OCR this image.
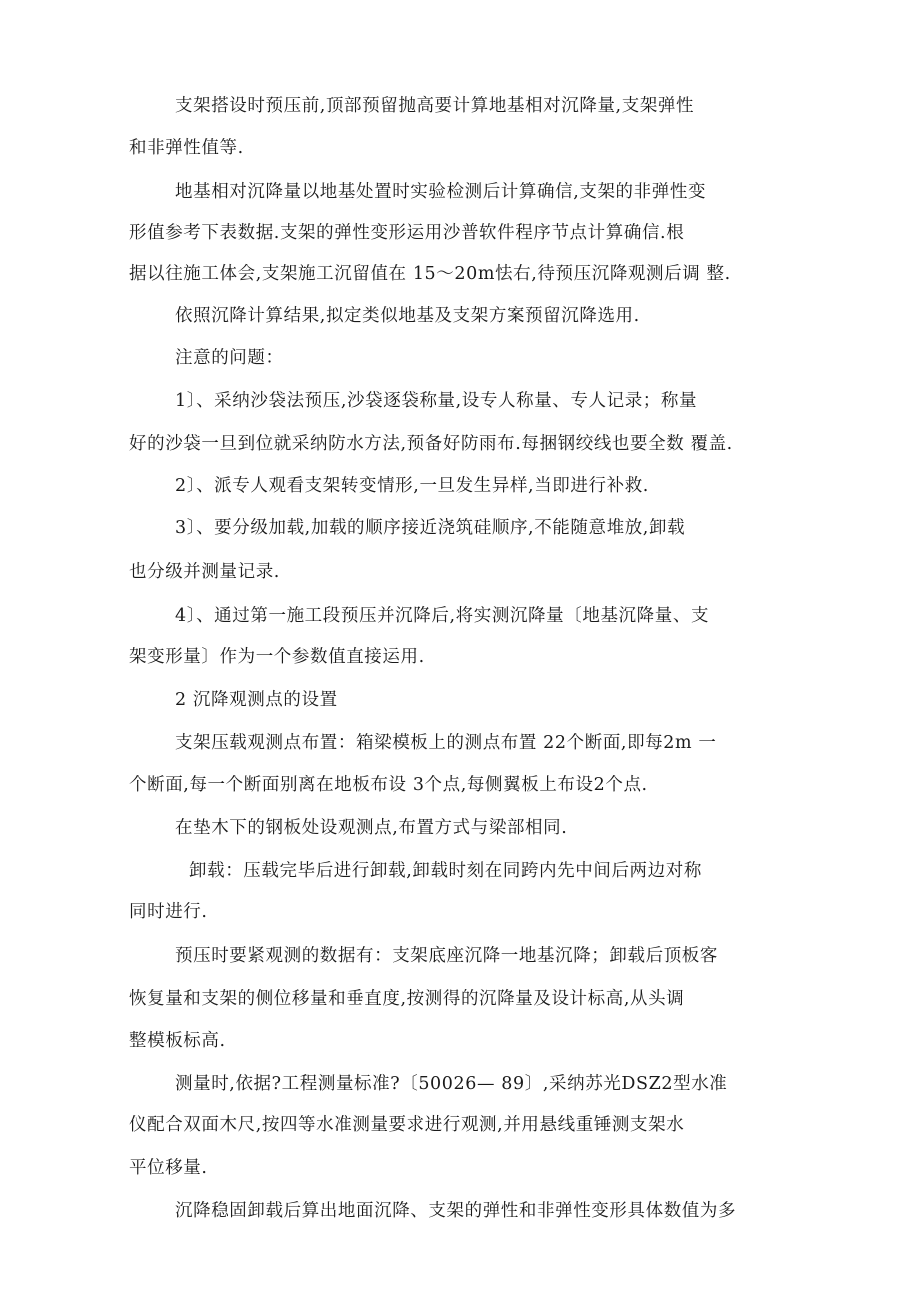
支架搭设时预压前,顶部预留抛高要计算地基相对沉降量,支架弹性
和非弹性值等.
地基相对沉降量以地基处置时实验检测后计算确信,支架的非弹性变
形值参考下表数据.支架的弹性变形运用沙普软件程序节点计算确信.根
据以往施工体会,支架施工沉留值在 15～20m怯右,待预压沉降观测后调 整.
依照沉降计算结果,拟定类似地基及支架方案预留沉降选用.
注意的问题：
1〕、采纳沙袋法预压,沙袋逐袋称量,设专人称量、专人记录；称量
好的沙袋一旦到位就采纳防水方法,预备好防雨布.每捆钢绞线也要全数 覆盖.
2〕、派专人观看支架转变情形,一旦发生异样,当即进行补救.
3〕、要分级加载,加载的顺序接近浇筑硅顺序,不能随意堆放,卸载
也分级并测量记录.
4〕、通过第一施工段预压并沉降后,将实测沉降量〔地基沉降量、支
架变形量〕作为一个参数值直接运用.
2 沉降观测点的设置
支架压载观测点布置：箱梁模板上的测点布置 22个断面,即每2m 一
个断面,每一个断面别离在地板布设 3个点,每侧翼板上布设2个点.
在垫木下的钢板处设观测点,布置方式与梁部相同.
卸载：压载完毕后进行卸载,卸载时刻在同跨内先中间后两边对称
同时进行.
预压时要紧观测的数据有：支架底座沉降一地基沉降；卸载后顶板客
恢复量和支架的侧位移量和垂直度,按测得的沉降量及设计标高,从头调
整模板标高.
测量时,依据?工程测量标准?〔50026— 89〕,采纳苏光DSZ2型水准
仪配合双面木尺,按四等水准测量要求进行观测,并用悬线重锤测支架水
平位移量.
沉降稳固卸载后算出地面沉降、支架的弹性和非弹性变形具体数值为多
